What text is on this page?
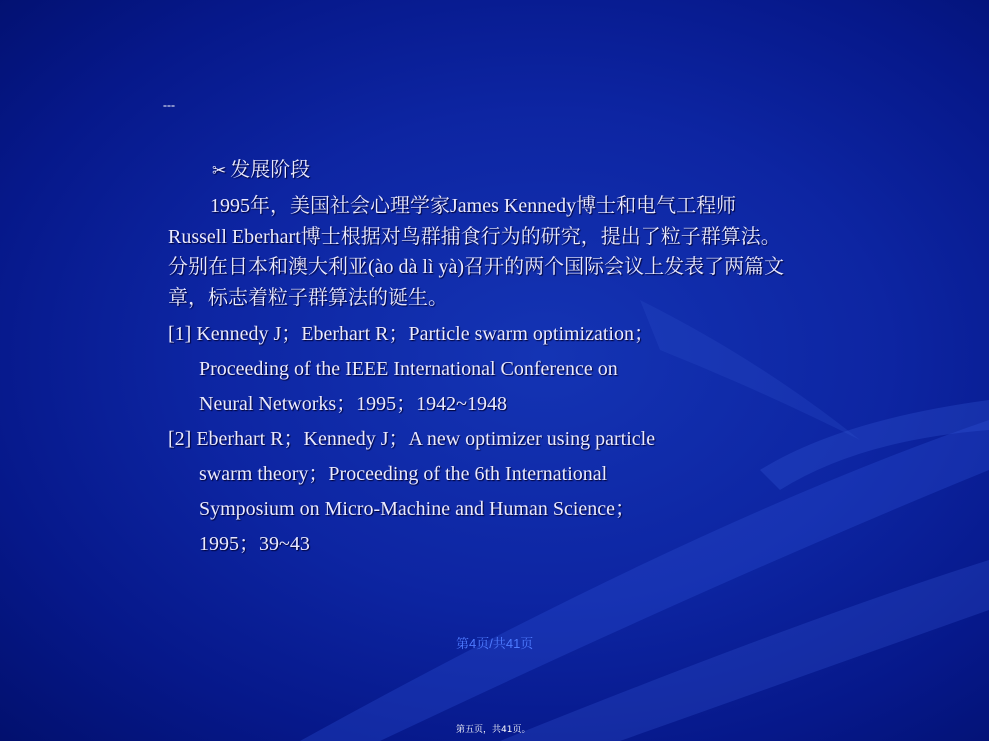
---

✂ 发展阶段

1995年，美国社会心理学家James Kennedy博士和电气工程师
Russell Eberhart博士根据对鸟群捕食行为的研究，提出了粒子群算法。
分别在日本和澳大利亚(ào dà lì yà)召开的两个国际会议上发表了两篇文
章，标志着粒子群算法的诞生。

[1] Kennedy J；Eberhart R；Particle swarm optimization；
Proceeding of the IEEE International Conference on
Neural Networks；1995；1942~1948
[2] Eberhart R；Kennedy J；A new optimizer using particle
swarm theory；Proceeding of the 6th International
Symposium on Micro-Machine and Human Science；
1995；39~43

第4页/共41页
第五页，共41页。
